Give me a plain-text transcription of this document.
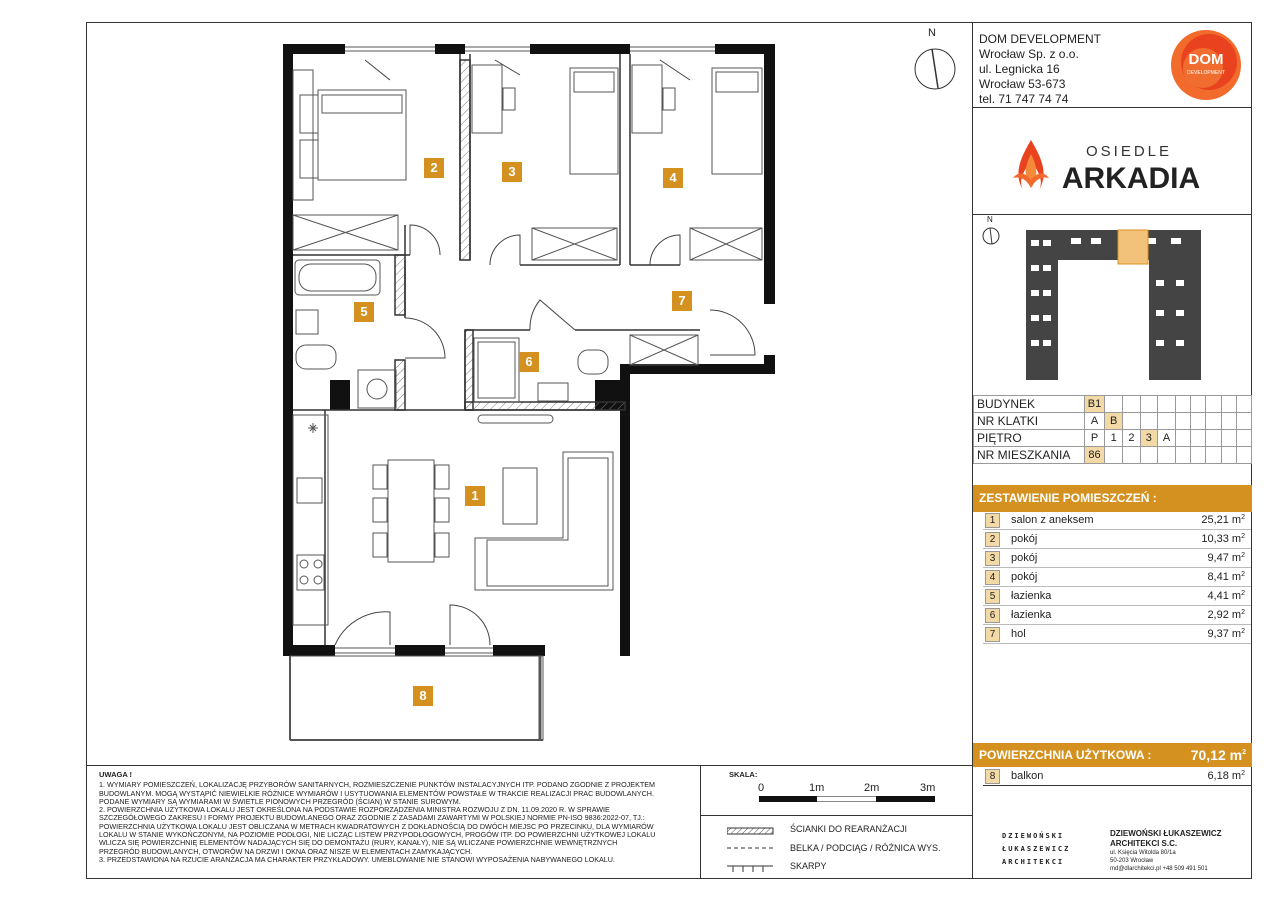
2	3	4
5
7
6
1
8
N	DOM DEVELOPMENT
Wrocław Sp. z o.o.
ul. Legnicka 16
Wrocław 53-673
tel. 71 747 74 74
DOM
DEVELOPMENT
OSIEDLE
ARKADIA
N
BUDYNEK	B1									
NR KLATKI	A	B								
PIĘTRO	P	1	2	3	A					
NR MIESZKANIA	86									
ZESTAWIENIE POMIESZCZEŃ :
1	salon z aneksem	25,21 $m^2$
2	pokój	10,33 $m^2$
3	pokój	9,47 $m^2$
4	pokój	8,41 $m^2$
5	łazienka	4,41 $m^2$
6	łazienka	2,92 $m^2$
7	hol	9,37 $m^2$
POWIERZCHNIA UŻYTKOWA :	70,12 $m^2$
8	balkon	6,18 $m^2$
UWAGA !
1. WYMIARY POMIESZCZEŃ, LOKALIZACJĘ PRZYBORÓW SANITARNYCH, ROZMIESZCZENIE PUNKTÓW INSTALACYJNYCH ITP. PODANO ZGODNIE Z PROJEKTEM
BUDOWLANYM. MOGĄ WYSTĄPIĆ NIEWIELKIE RÓŻNICE WYMIARÓW I USYTUOWANIA ELEMENTÓW POWSTAŁE W TRAKCIE REALIZACJI PRAC BUDOWLANYCH.
PODANE WYMIARY SĄ WYMIARAMI W ŚWIETLE PIONOWYCH PRZEGRÓD (ŚCIAN) W STANIE SUROWYM.
2. POWIERZCHNIA UŻYTKOWA LOKALU JEST OKREŚLONA NA PODSTAWIE ROZPORZĄDZENIA MINISTRA ROZWOJU Z DN. 11.09.2020 R. W SPRAWIE
SZCZEGÓŁOWEGO ZAKRESU I FORMY PROJEKTU BUDOWLANEGO ORAZ ZGODNIE Z ZASADAMI ZAWARTYMI W POLSKIEJ NORMIE PN-ISO 9836:2022-07, TJ.:
POWIERZCHNIA UŻYTKOWA LOKALU JEST OBLICZANA W METRACH KWADRATOWYCH Z DOKŁADNOŚCIĄ DO DWÓCH MIEJSC PO PRZECINKU, DLA WYMIARÓW
LOKALU W STANIE WYKOŃCZONYM, NA POZIOMIE PODŁOGI, NIE LICZĄC LISTEW PRZYPODŁOGOWYCH, PROGÓW ITP. DO POWIERZCHNI UŻYTKOWEJ LOKALU
WLICZA SIĘ POWIERZCHNIĘ ELEMENTÓW NADAJĄCYCH SIĘ DO DEMONTAŻU (RURY, KANAŁY), NIE SĄ WLICZANE POWIERZCHNIE WEWNĘTRZNYCH
PRZEGRÓD BUDOWLANYCH, OTWORÓW NA DRZWI I OKNA ORAZ NISZE W ELEMENTACH ZAMYKAJĄCYCH.
3. PRZEDSTAWIONA NA RZUCIE ARANŻACJA MA CHARAKTER PRZYKŁADOWY. UMEBLOWANIE NIE STANOWI WYPOSAŻENIA NABYWANEGO LOKALU.
SKALA:
0	1m	2m	3m
ŚCIANKI DO REARANŻACJI
BELKA / PODCIĄG / RÓŻNICA WYS.
SKARPY
DZIEWOŃSKI
ŁUKASZEWICZ
ARCHITEKCI
DZIEWOŃSKI ŁUKASZEWICZ
ARCHITEKCI S.C.
ul. Księcia Witolda 80/1a
50-203 Wrocław
md@dlarchitekci.pl +48 509 491 501
